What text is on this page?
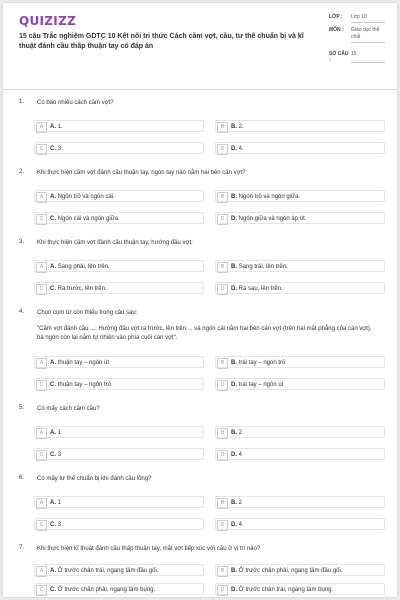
QUIZIZZ
15 câu Trắc nghiệm GDTC 10 Kết nối tri thức Cách cầm vợt, cầu, tư thế chuẩn bị và kĩ thuật đánh cầu thấp thuận tay có đáp án
LỚP :	Lớp 10
MÔN :	Giáo dục thể chất
SỐ CÂU :
15
1. Có bao nhiêu cách cầm vợt?
A	A. 1.	B	B. 2.
C	C. 3.	D	D. 4.
2. Khi thực hiện cầm vợt đánh cầu thuận tay, ngón tay nào nằm hai bên cán vợt?
A	A. Ngón trỏ và ngón cái.	B	B. Ngón trỏ và ngón giữa.
C	C. Ngón cái và ngón giữa.	D	D. Ngón giữa và ngón áp út.
3. Khi thực hiện cầm vợt đánh cầu thuận tay, hướng đầu vợt:
A	A. Sang phải, lên trên.	B	B. Sang trái, lên trên.
C	C. Ra trước, lên trên.	D	D. Ra sau, lên trên.
4. Chọn cụm từ còn thiếu trong câu sau:
"Cầm vợt đánh cầu ...: Hướng đầu vợt ra trước, lên trên; .. và ngón cái nằm hai bên cán vợt (trên hai mặt phẳng của cán vợt), ba ngón còn lại nắm tự nhiên vào phía cuối cán vợt".
A	A. thuận tay – ngón út	B	B. trái tay – ngón trỏ
C	C. thuận tay – ngón trỏ	D	D. trái tay – ngón út
5. Có mấy cách cầm cầu?
A	A. 1	B	B. 2
C	C. 3	D	D. 4
6. Có mấy tư thế chuẩn bị khi đánh cầu lông?
A	A. 1	B	B. 2
C	C. 3	D	D. 4
7. Khi thực hiện kĩ thuật đánh cầu thấp thuận tay, mặt vợt tiếp xúc với cầu ở vị trí nào?
A	A. Ở trước chân trái, ngang tầm đầu gối.	B	B. Ở trước chân phải, ngang tầm đầu gối.
C	C. Ở trước chân phải, ngang tầm bụng.	D	D. Ở trước chân trái, ngang tầm bụng.
